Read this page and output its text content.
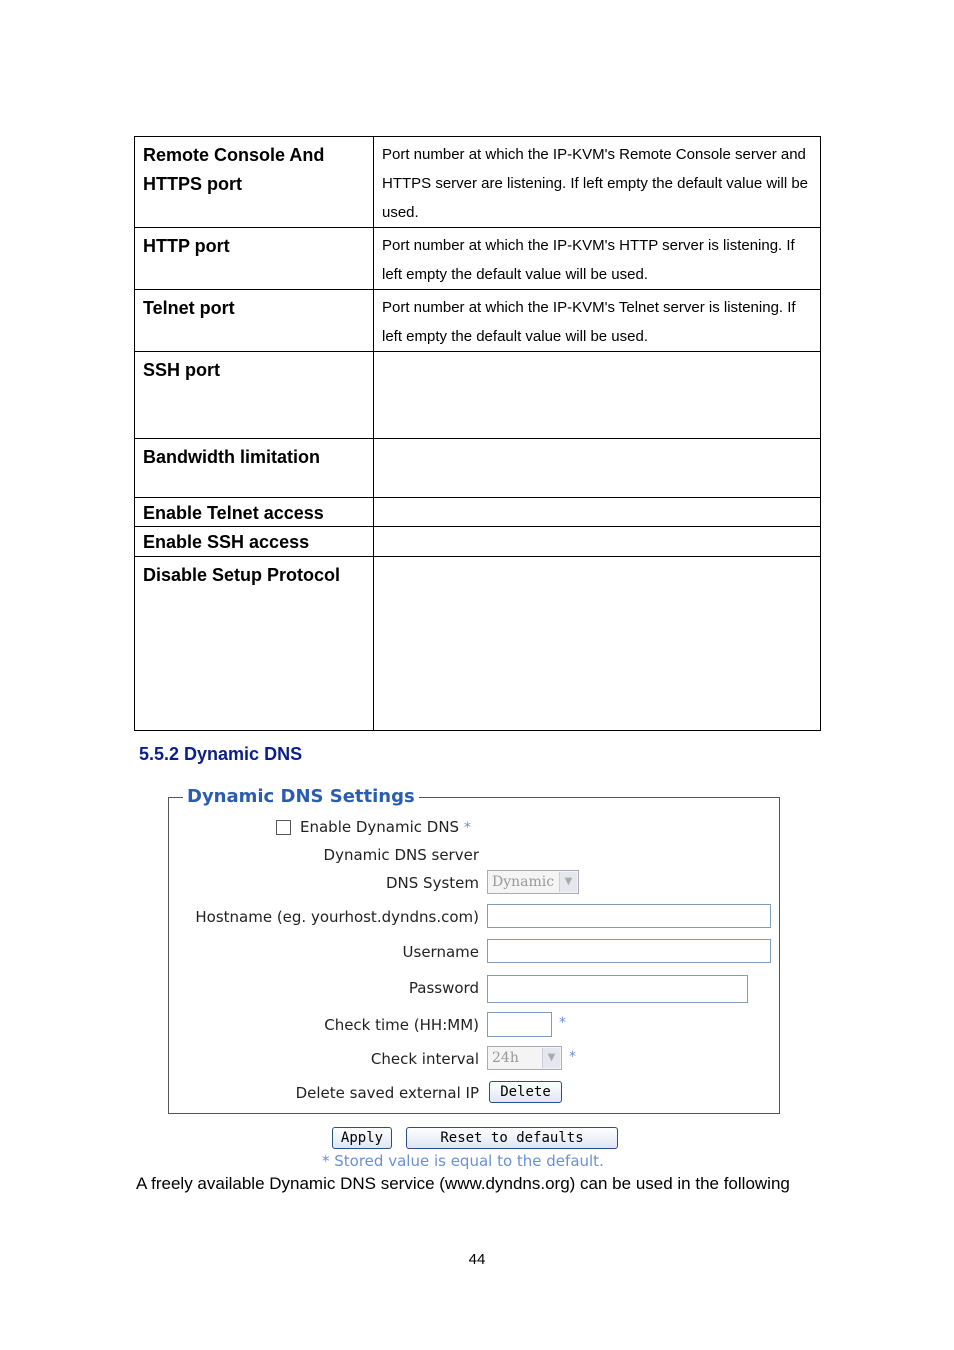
Remote Console And HTTPS port	Port number at which the IP-KVM's Remote Console server and HTTPS server are listening. If left empty the default value will be used.
HTTP port	Port number at which the IP-KVM's HTTP server is listening. If left empty the default value will be used.
Telnet port	Port number at which the IP-KVM's Telnet server is listening. If left empty the default value will be used.
SSH port	
Bandwidth limitation	
Enable Telnet access	
Enable SSH access	
Disable Setup Protocol	
5.5.2 Dynamic DNS
Dynamic DNS Settings
Enable Dynamic DNS *
Dynamic DNS server
DNS System Dynamic	▼
Hostname (eg. yourhost.dyndns.com)
Username
Password
Check time (HH:MM)	*
Check interval 24h	▼ *
Delete saved external IP	Delete
Apply	Reset to defaults
* Stored value is equal to the default.
A freely available Dynamic DNS service (www.dyndns.org) can be used in the following
44
